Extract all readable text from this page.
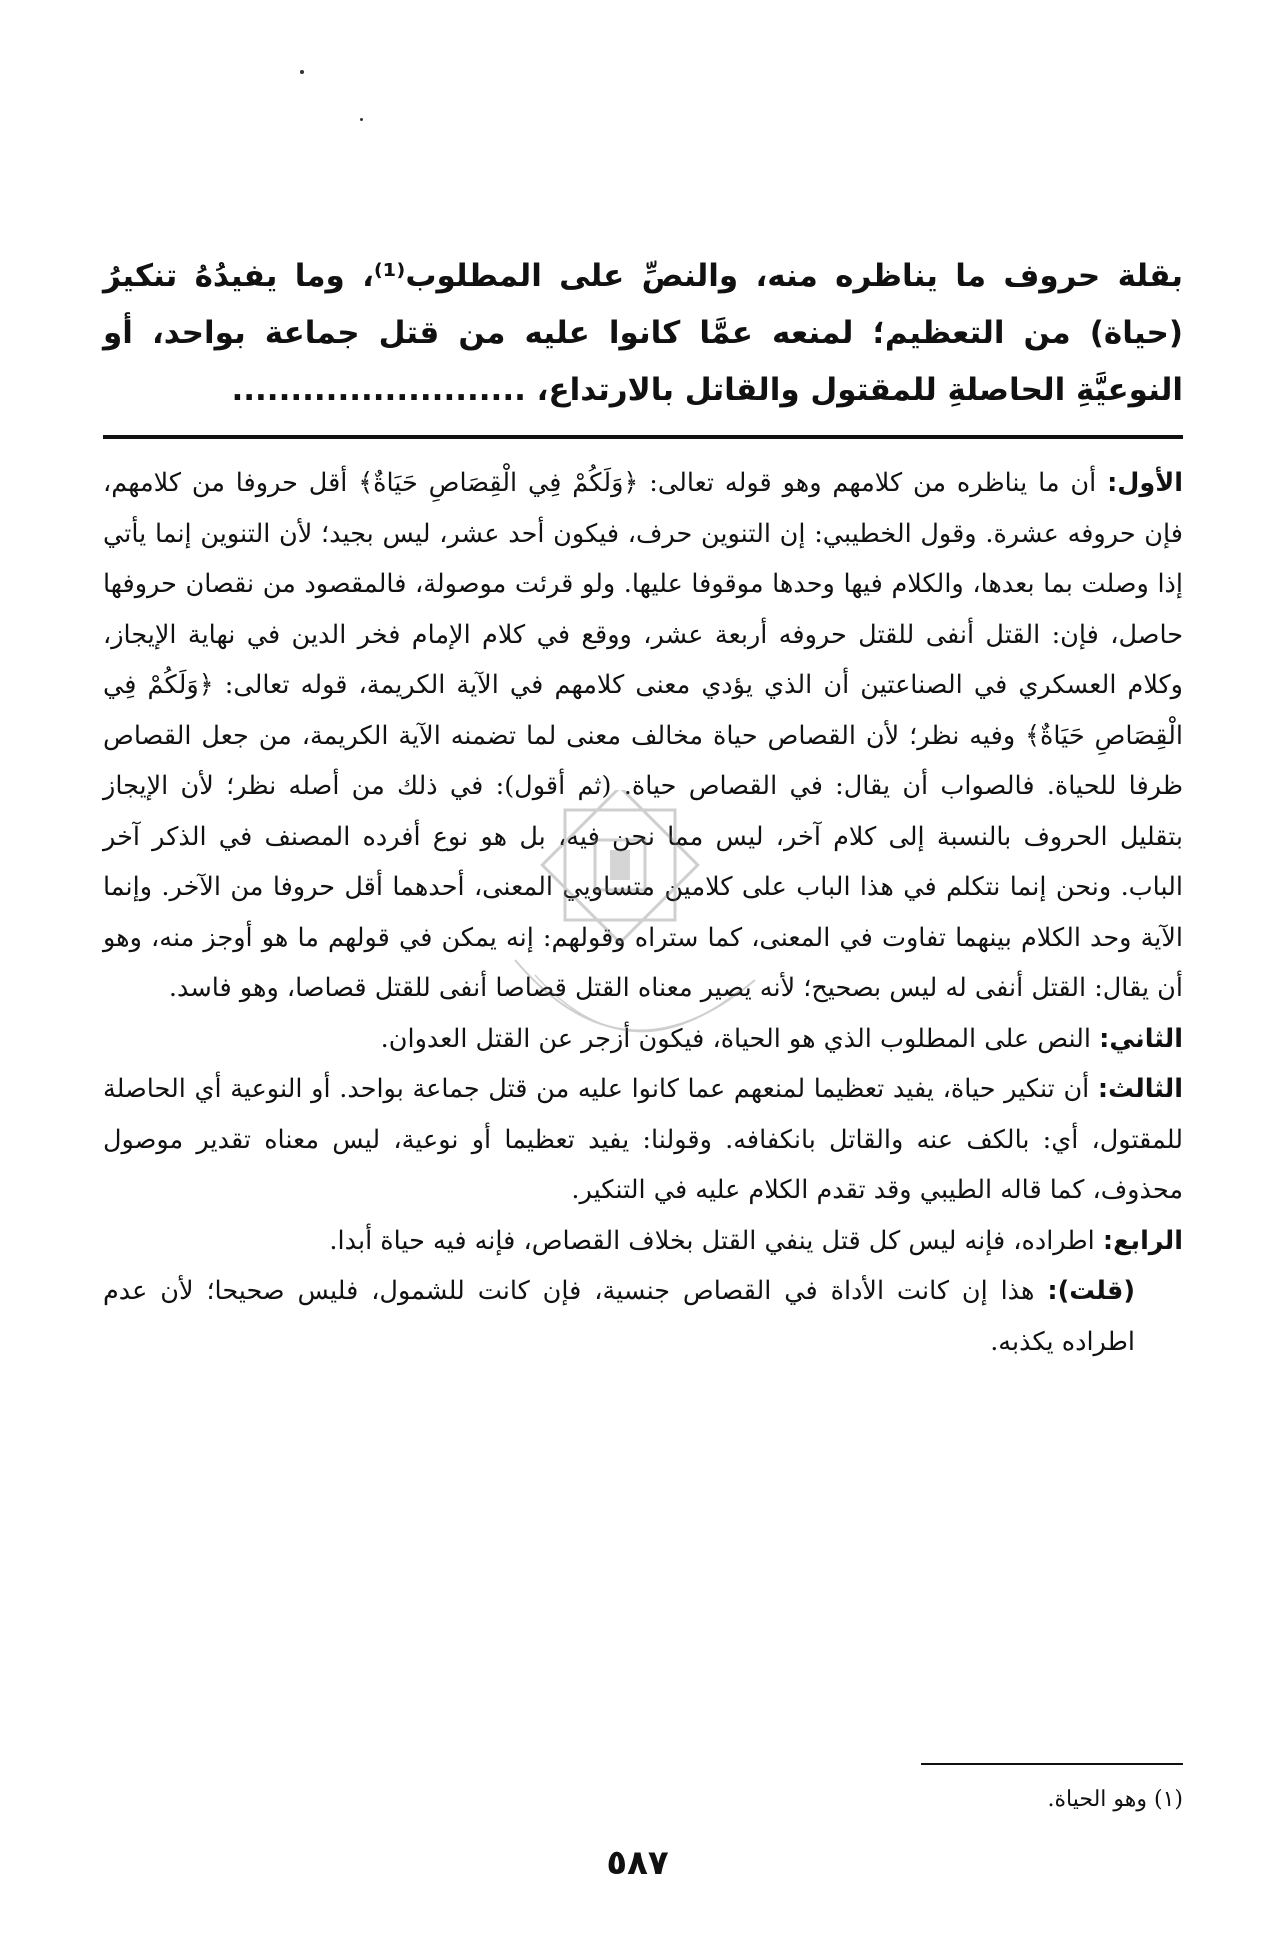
بقلة حروف ما يناظره منه، والنصِّ على المطلوب⁽¹⁾، وما يفيدُهُ تنكيرُ (حياة) من التعظيم؛ لمنعه عمَّا كانوا عليه من قتل جماعة بواحد، أو النوعيَّةِ الحاصلةِ للمقتول والقاتل بالارتداع، .........................

الأول: أن ما يناظره من كلامهم وهو قوله تعالى: ﴿وَلَكُمْ فِي الْقِصَاصِ حَيَاةٌ﴾ أقل حروفا من كلامهم، فإن حروفه عشرة. وقول الخطيبي: إن التنوين حرف، فيكون أحد عشر، ليس بجيد؛ لأن التنوين إنما يأتي إذا وصلت بما بعدها، والكلام فيها وحدها موقوفا عليها. ولو قرئت موصولة، فالمقصود من نقصان حروفها حاصل، فإن: القتل أنفى للقتل حروفه أربعة عشر، ووقع في كلام الإمام فخر الدين في نهاية الإيجاز، وكلام العسكري في الصناعتين أن الذي يؤدي معنى كلامهم في الآية الكريمة، قوله تعالى: ﴿وَلَكُمْ فِي الْقِصَاصِ حَيَاةٌ﴾ وفيه نظر؛ لأن القصاص حياة مخالف معنى لما تضمنه الآية الكريمة، من جعل القصاص ظرفا للحياة. فالصواب أن يقال: في القصاص حياة. (ثم أقول): في ذلك من أصله نظر؛ لأن الإيجاز بتقليل الحروف بالنسبة إلى كلام آخر، ليس مما نحن فيه، بل هو نوع أفرده المصنف في الذكر آخر الباب. ونحن إنما نتكلم في هذا الباب على كلامين متساويي المعنى، أحدهما أقل حروفا من الآخر. وإنما الآية وحد الكلام بينهما تفاوت في المعنى، كما ستراه وقولهم: إنه يمكن في قولهم ما هو أوجز منه، وهو أن يقال: القتل أنفى له ليس بصحيح؛ لأنه يصير معناه القتل قصاصا أنفى للقتل قصاصا، وهو فاسد.

الثاني: النص على المطلوب الذي هو الحياة، فيكون أزجر عن القتل العدوان.

الثالث: أن تنكير حياة، يفيد تعظيما لمنعهم عما كانوا عليه من قتل جماعة بواحد. أو النوعية أي الحاصلة للمقتول، أي: بالكف عنه والقاتل بانكفافه. وقولنا: يفيد تعظيما أو نوعية، ليس معناه تقدير موصول محذوف، كما قاله الطيبي وقد تقدم الكلام عليه في التنكير.

الرابع: اطراده، فإنه ليس كل قتل ينفي القتل بخلاف القصاص، فإنه فيه حياة أبدا.

(قلت): هذا إن كانت الأداة في القصاص جنسية، فإن كانت للشمول، فليس صحيحا؛ لأن عدم اطراده يكذبه.

(١) وهو الحياة.
٥٨٧
